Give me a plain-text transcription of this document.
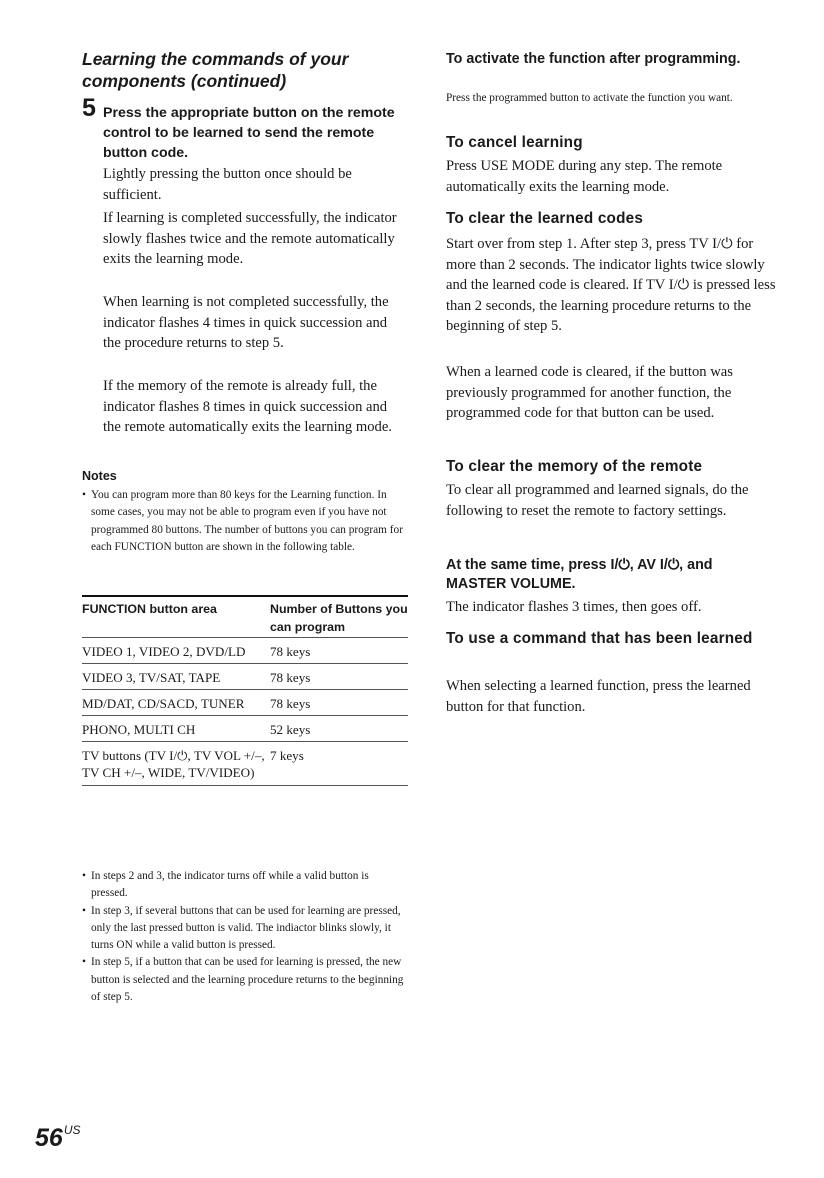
Learning the commands of your components (continued)
5 Press the appropriate button on the remote control to be learned to send the remote button code.

Lightly pressing the button once should be sufficient.

If learning is completed successfully, the indicator slowly flashes twice and the remote automatically exits the learning mode.

When learning is not completed successfully, the indicator flashes 4 times in quick succession and the procedure returns to step 5.

If the memory of the remote is already full, the indicator flashes 8 times in quick succession and the remote automatically exits the learning mode.

Notes
• You can program more than 80 keys for the Learning function. In some cases, you may not be able to program even if you have not programmed 80 buttons. The number of buttons you can program for each FUNCTION button are shown in the following table.
FUNCTION button area	Number of Buttons you can program
VIDEO 1, VIDEO 2, DVD/LD	78 keys
VIDEO 3, TV/SAT, TAPE	78 keys
MD/DAT, CD/SACD, TUNER	78 keys
PHONO, MULTI CH	52 keys
TV buttons (TV I/⏻, TV VOL +/–, TV CH +/–, WIDE, TV/VIDEO)	7 keys
• In steps 2 and 3, the indicator turns off while a valid button is pressed.
• In step 3, if several buttons that can be used for learning are pressed, only the last pressed button is valid. The indiactor blinks slowly, it turns ON while a valid button is pressed.
• In step 5, if a button that can be used for learning is pressed, the new button is selected and the learning procedure returns to the beginning of step 5.
To activate the function after programming.

Press the programmed button to activate the function you want.

To cancel learning

Press USE MODE during any step. The remote automatically exits the learning mode.

To clear the learned codes

Start over from step 1. After step 3, press TV I/⏻ for more than 2 seconds. The indicator lights twice slowly and the learned code is cleared. If TV I/⏻ is pressed less than 2 seconds, the learning procedure returns to the beginning of step 5.

When a learned code is cleared, if the button was previously programmed for another function, the programmed code for that button can be used.

To clear the memory of the remote

To clear all programmed and learned signals, do the following to reset the remote to factory settings.

At the same time, press I/⏻, AV I/⏻, and MASTER VOLUME.

The indicator flashes 3 times, then goes off.

To use a command that has been learned

When selecting a learned function, press the learned button for that function.

$56^{US}$
